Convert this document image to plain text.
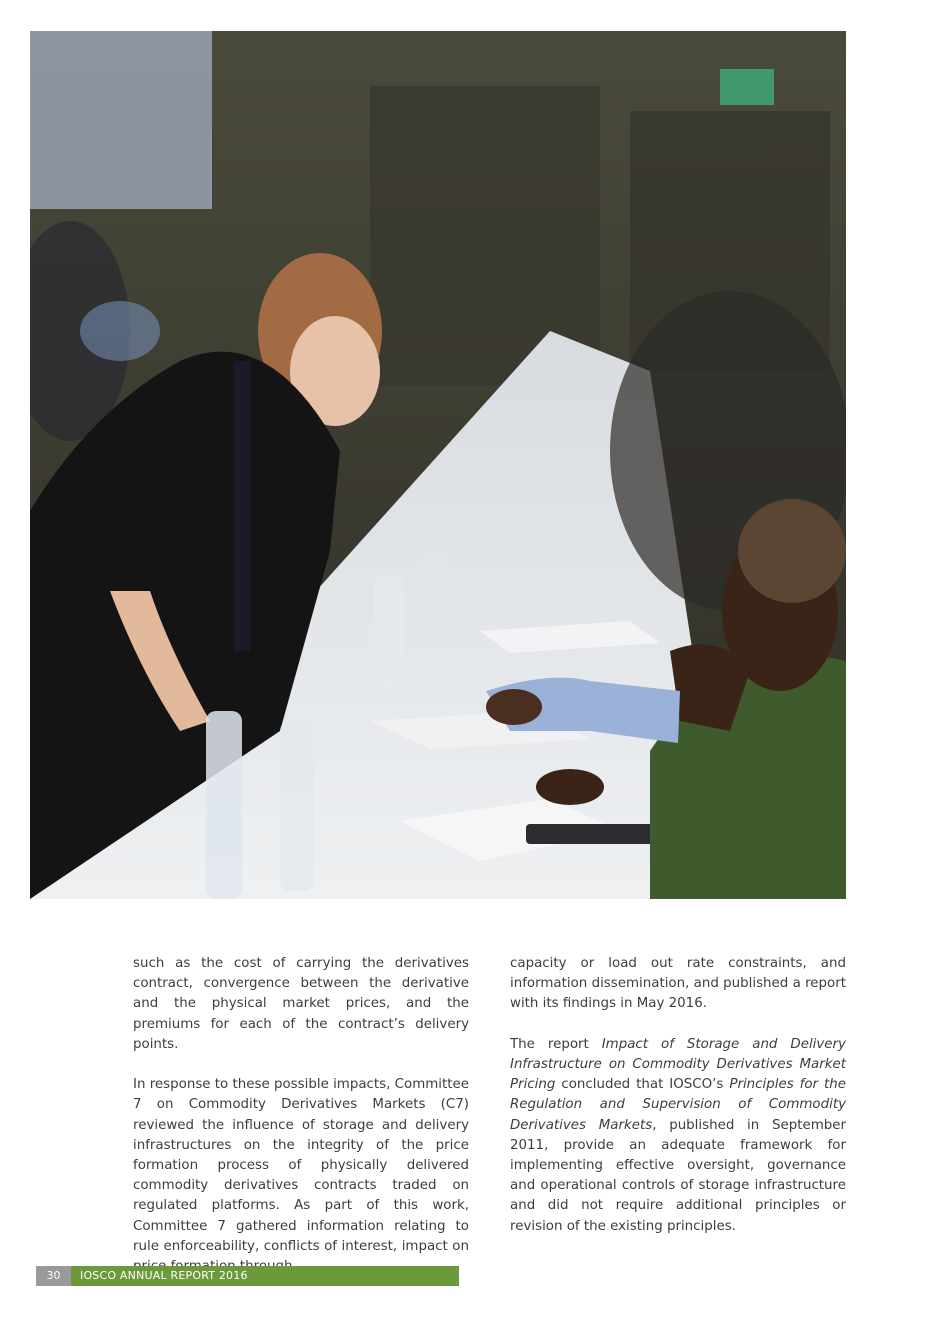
such as the cost of carrying the derivatives contract, convergence between the derivative and the physical market prices, and the premiums for each of the contract’s delivery points.

In response to these possible impacts, Committee 7 on Commodity Derivatives Markets (C7) reviewed the influence of storage and delivery infrastructures on the integrity of the price formation process of physically delivered commodity derivatives contracts traded on regulated platforms. As part of this work, Committee 7 gathered information relating to rule enforceability, conflicts of interest, impact on

capacity or load out rate constraints, and information dissemination, and published a report with its findings in May 2016.

The report Impact of Storage and Delivery Infrastructure on Commodity Derivatives Market Pricing concluded that IOSCO’s Principles for the Regulation and Supervision of Commodity Derivatives Markets, published in September 2011, provide an adequate framework for implementing effective oversight, governance and operational controls of storage infrastructure and did not require additional principles or revision of the existing principles.

30	IOSCO ANNUAL REPORT 2016
